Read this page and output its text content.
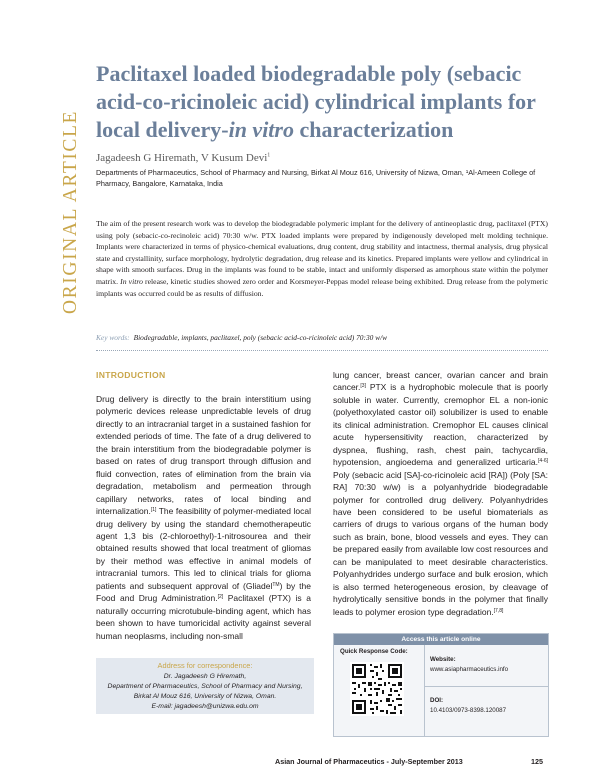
ORIGINAL ARTICLE
Paclitaxel loaded biodegradable poly (sebacic acid-co-ricinoleic acid) cylindrical implants for local delivery-in vitro characterization
Jagadeesh G Hiremath, V Kusum Devi$^1$
Departments of Pharmaceutics, School of Pharmacy and Nursing, Birkat Al Mouz 616, University of Nizwa, Oman, ¹Al-Ameen College of Pharmacy, Bangalore, Karnataka, India
The aim of the present research work was to develop the biodegradable polymeric implant for the delivery of antineoplastic drug, paclitaxel (PTX) using poly (sebacic-co-recinoleic acid) 70:30 w/w. PTX loaded implants were prepared by indigenously developed melt molding technique. Implants were characterized in terms of physico-chemical evaluations, drug content, drug stability and intactness, thermal analysis, drug physical state and crystallinity, surface morphology, hydrolytic degradation, drug release and its kinetics. Prepared implants were yellow and cylindrical in shape with smooth surfaces. Drug in the implants was found to be stable, intact and uniformly dispersed as amorphous state within the polymer matrix. In vitro release, kinetic studies showed zero order and Korsmeyer-Peppas model release being exhibited. Drug release from the polymeric implants was occurred could be as results of diffusion.
Key words: Biodegradable, implants, paclitaxel, poly (sebacic acid-co-ricinoleic acid) 70:30 w/w
INTRODUCTION
Drug delivery is directly to the brain interstitium using polymeric devices release unpredictable levels of drug directly to an intracranial target in a sustained fashion for extended periods of time. The fate of a drug delivered to the brain interstitium from the biodegradable polymer is based on rates of drug transport through diffusion and fluid convection, rates of elimination from the brain via degradation, metabolism and permeation through capillary networks, rates of local binding and internalization.[1] The feasibility of polymer-mediated local drug delivery by using the standard chemotherapeutic agent 1,3 bis (2-chloroethyl)-1-nitrosourea and their obtained results showed that local treatment of gliomas by their method was effective in animal models of intracranial tumors. This led to clinical trials for glioma patients and subsequent approval of (Gliadel™) by the Food and Drug Administration.[2] Paclitaxel (PTX) is a naturally occurring microtubule-binding agent, which has been shown to have tumoricidal activity against several human neoplasms, including non-small
lung cancer, breast cancer, ovarian cancer and brain cancer.[3] PTX is a hydrophobic molecule that is poorly soluble in water. Currently, cremophor EL a non-ionic (polyethoxylated castor oil) solubilizer is used to enable its clinical administration. Cremophor EL causes clinical acute hypersensitivity reaction, characterized by dyspnea, flushing, rash, chest pain, tachycardia, hypotension, angioedema and generalized urticaria.[4-6] Poly (sebacic acid [SA]-co-ricinoleic acid [RA]) (Poly [SA: RA] 70:30 w/w) is a polyanhydride biodegradable polymer for controlled drug delivery. Polyanhydrides have been considered to be useful biomaterials as carriers of drugs to various organs of the human body such as brain, bone, blood vessels and eyes. They can be prepared easily from available low cost resources and can be manipulated to meet desirable characteristics. Polyanhydrides undergo surface and bulk erosion, which is also termed heterogeneous erosion, by cleavage of hydrolytically sensitive bonds in the polymer that finally leads to polymer erosion type degradation.[7,8]
Address for correspondence:
Dr. Jagadeesh G Hiremath,
Department of Pharmaceutics, School of Pharmacy and Nursing,
Birkat Al Mouz 616, University of Nizwa, Oman.
E-mail: jagadeesh@unizwa.edu.om
Access this article online
Quick Response Code:
Website:
www.asiapharmaceutics.info
DOI:
10.4103/0973-8398.120087
Asian Journal of Pharmaceutics - July-September 2013	125
